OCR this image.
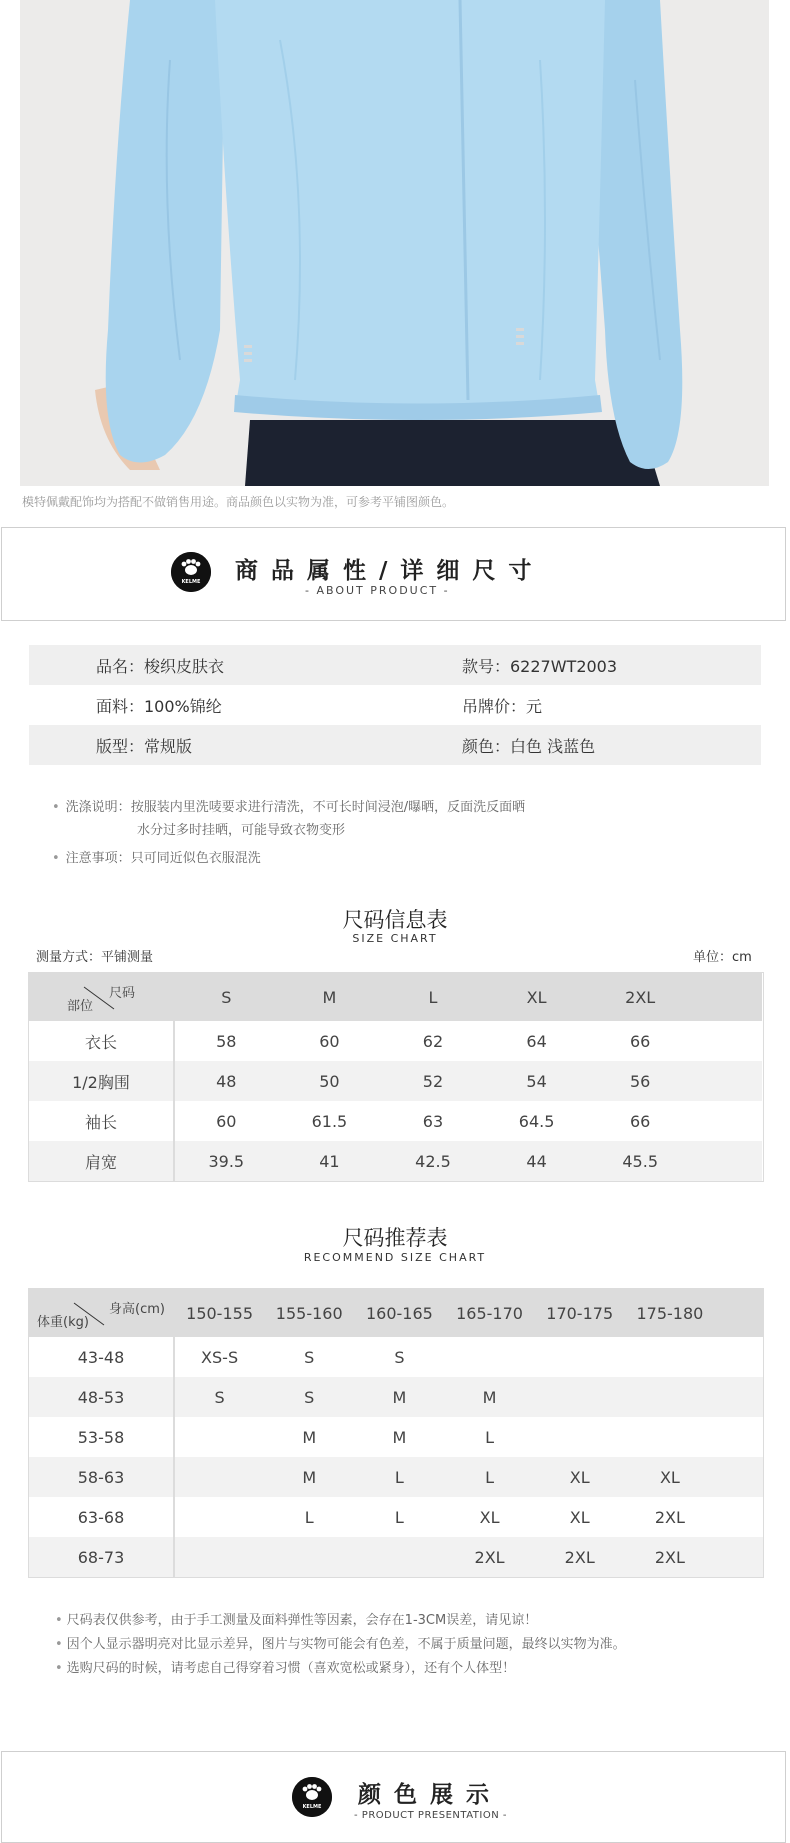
模特佩戴配饰均为搭配不做销售用途。商品颜色以实物为准，可参考平铺图颜色。
KELME 商品属性/详细尺寸
- ABOUT PRODUCT -
品名：梭织皮肤衣	款号：6227WT2003
面料：100%锦纶	吊牌价：元
版型：常规版	颜色：白色 浅蓝色
• 洗涤说明：按服装内里洗唛要求进行清洗，不可长时间浸泡/曝晒，反面洗反面晒
水分过多时挂晒，可能导致衣物变形
• 注意事项：只可同近似色衣服混洗
尺码信息表
SIZE CHART
测量方式：平铺测量	单位：cm
尺码
部位	S	M	L	XL	2XL	
衣长	58	60	62	64	66	
1/2胸围	48	50	52	54	56	
袖长	60	61.5	63	64.5	66	
肩宽	39.5	41	42.5	44	45.5	
尺码推荐表
RECOMMEND SIZE CHART
身高(cm)
体重(kg)	150-155	155-160	160-165	165-170	170-175	175-180	
43-48	XS-S	S	S				
48-53	S	S	M	M			
53-58		M	M	L			
58-63		M	L	L	XL	XL	
63-68		L	L	XL	XL	2XL	
68-73				2XL	2XL	2XL	
• 尺码表仅供参考，由于手工测量及面料弹性等因素，会存在1-3CM误差，请见谅！
• 因个人显示器明亮对比显示差异，图片与实物可能会有色差，不属于质量问题，最终以实物为准。
• 选购尺码的时候，请考虑自己得穿着习惯（喜欢宽松或紧身），还有个人体型！
KELME 颜色展示
- PRODUCT PRESENTATION -
